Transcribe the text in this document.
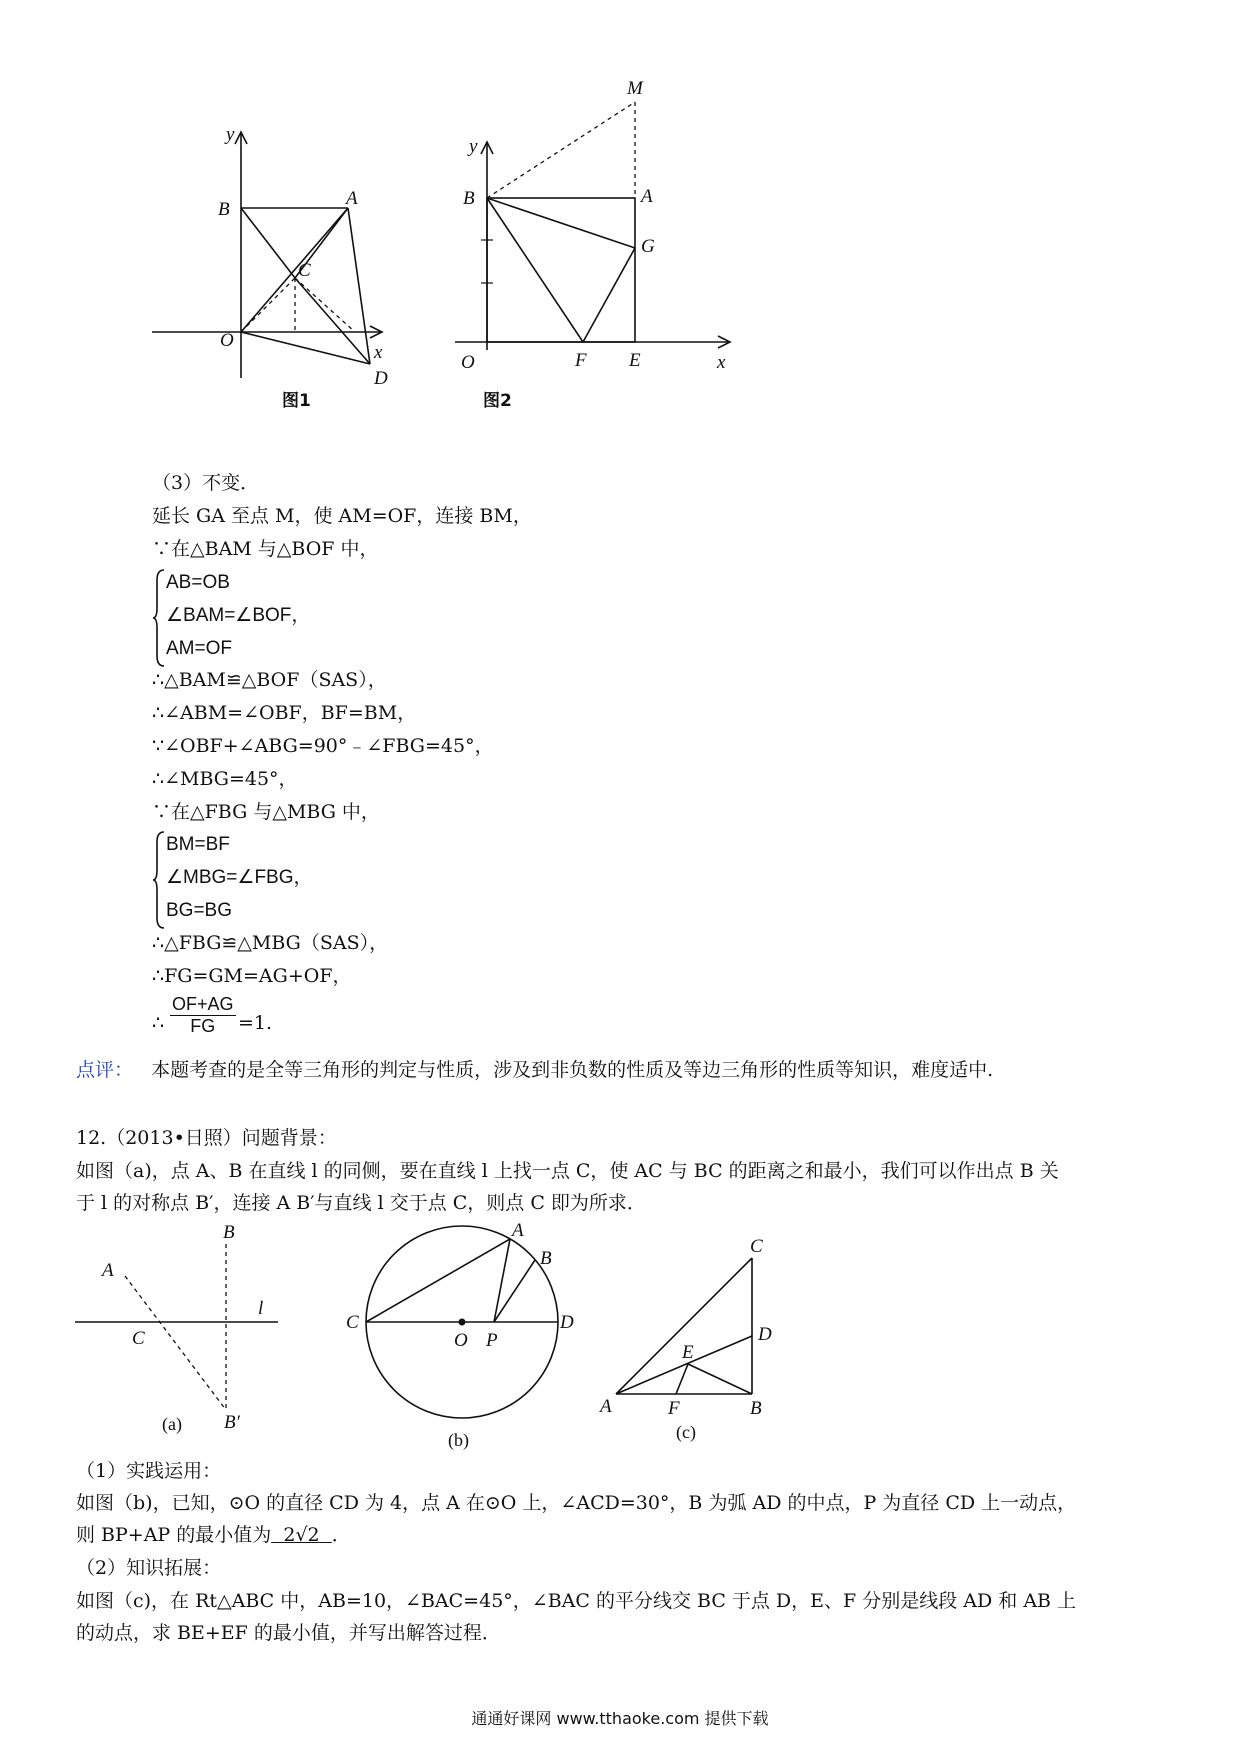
y
B
A
C
O
x
D
图1
M
y
B	A
G
O	F E	x
图2
（3）不变．
延长 GA 至点 M，使 AM=OF，连接 BM，
∵在△BAM 与△BOF 中，
AB=OB
∠BAM=∠BOF，
AM=OF
∴△BAM≌△BOF（SAS），
∴∠ABM=∠OBF，BF=BM，
∵∠OBF+∠ABG=90°﹣∠FBG=45°，
∴∠MBG=45°，
∵在△FBG 与△MBG 中，
BM=BF
∠MBG=∠FBG，
BG=BG
∴△FBG≌△MBG（SAS），
∴FG=GM=AG+OF，
∴ $\frac{OF+AG}{FG} =1$.
点评： 本题考查的是全等三角形的判定与性质，涉及到非负数的性质及等边三角形的性质等知识，难度适中.
12.（2013•日照）问题背景：
如图（a)，点 A、B 在直线 l 的同侧，要在直线 l 上找一点 C，使 AC 与 BC 的距离之和最小，我们可以作出点 B 关
于 l 的对称点 B′，连接 A B′与直线 l 交于点 C，则点 C 即为所求．
B
A
l
C
B′
(a)
A
B
C
O P
D
(b)
C
D
E
A	F	B
(c)
（1）实践运用：
如图（b)，已知，⊙O 的直径 CD 为 4，点 A 在⊙O 上，∠ACD=30°，B 为弧 AD 的中点，P 为直径 CD 上一动点，
则 BP+AP 的最小值为 2√2 ．
（2）知识拓展：
如图（c)，在 Rt△ABC 中，AB=10，∠BAC=45°，∠BAC 的平分线交 BC 于点 D，E、F 分别是线段 AD 和 AB 上
的动点，求 BE+EF 的最小值，并写出解答过程．
通通好课网 www.tthaoke.com 提供下载
